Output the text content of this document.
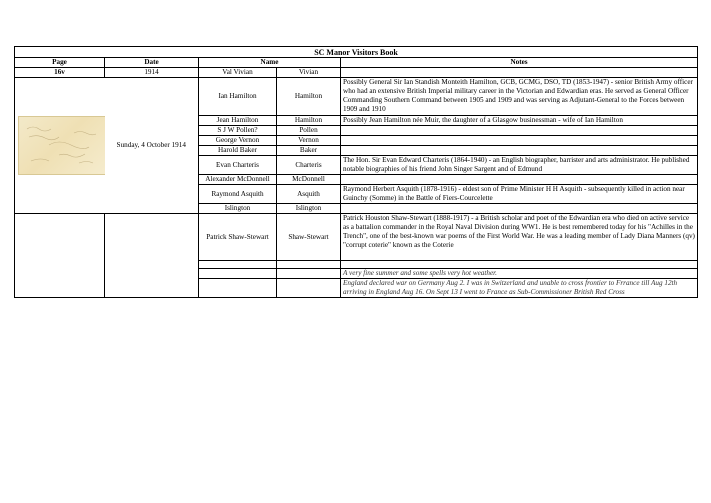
SC Manor Visitors Book				
Page	Date	Name		Notes
16v	1914	Val Vivian	Vivian	

	Sunday, 4 October 1914	Ian Hamilton	Hamilton	Possibly General Sir Ian Standish Monteith Hamilton, GCB, GCMG, DSO, TD (1853-1947) - senior British Army officer who had an extensive British Imperial military career in the Victorian and Edwardian eras. He served as General Officer Commanding Southern Command between 1905 and 1909 and was serving as Adjutant-General to the Forces between 1909 and 1910
		Jean Hamilton	Hamilton	Possibly Jean Hamilton née Muir, the daughter of a Glasgow businessman - wife of Ian Hamilton
		S J W Pollen?	Pollen	
		George Vernon	Vernon	
		Harold Baker	Baker	
		Evan Charteris	Charteris	The Hon. Sir Evan Edward Charteris (1864-1940) - an English biographer, barrister and arts administrator. He published notable biographies of his friend John Singer Sargent and of Edmund
		Alexander McDonnell	McDonnell	
		Raymond Asquith	Asquith	Raymond Herbert Asquith (1878-1916) - eldest son of Prime Minister H H Asquith - subsequently killed in action near Guinchy (Somme) in the Battle of Fiers-Courcelette
		Islington	Islington	
		Patrick Shaw-Stewart	Shaw-Stewart	Patrick Houston Shaw-Stewart (1888-1917) - a British scholar and poet of the Edwardian era who died on active service as a battalion commander in the Royal Naval Division during WW1. He is best remembered today for his "Achilles in the Trench", one of the best-known war poems of the First World War. He was a leading member of Lady Diana Manners (qv) "corrupt coterie" known as the Coterie

				A very fine summer and some spells very hot weather.
				England declared war on Germany Aug 2. I was in Switzerland and unable to cross frontier to Frrance till Aug 12th arriving in England Aug 16. On Sept 13 I went to France as Sub-Commissioner British Red Cross
